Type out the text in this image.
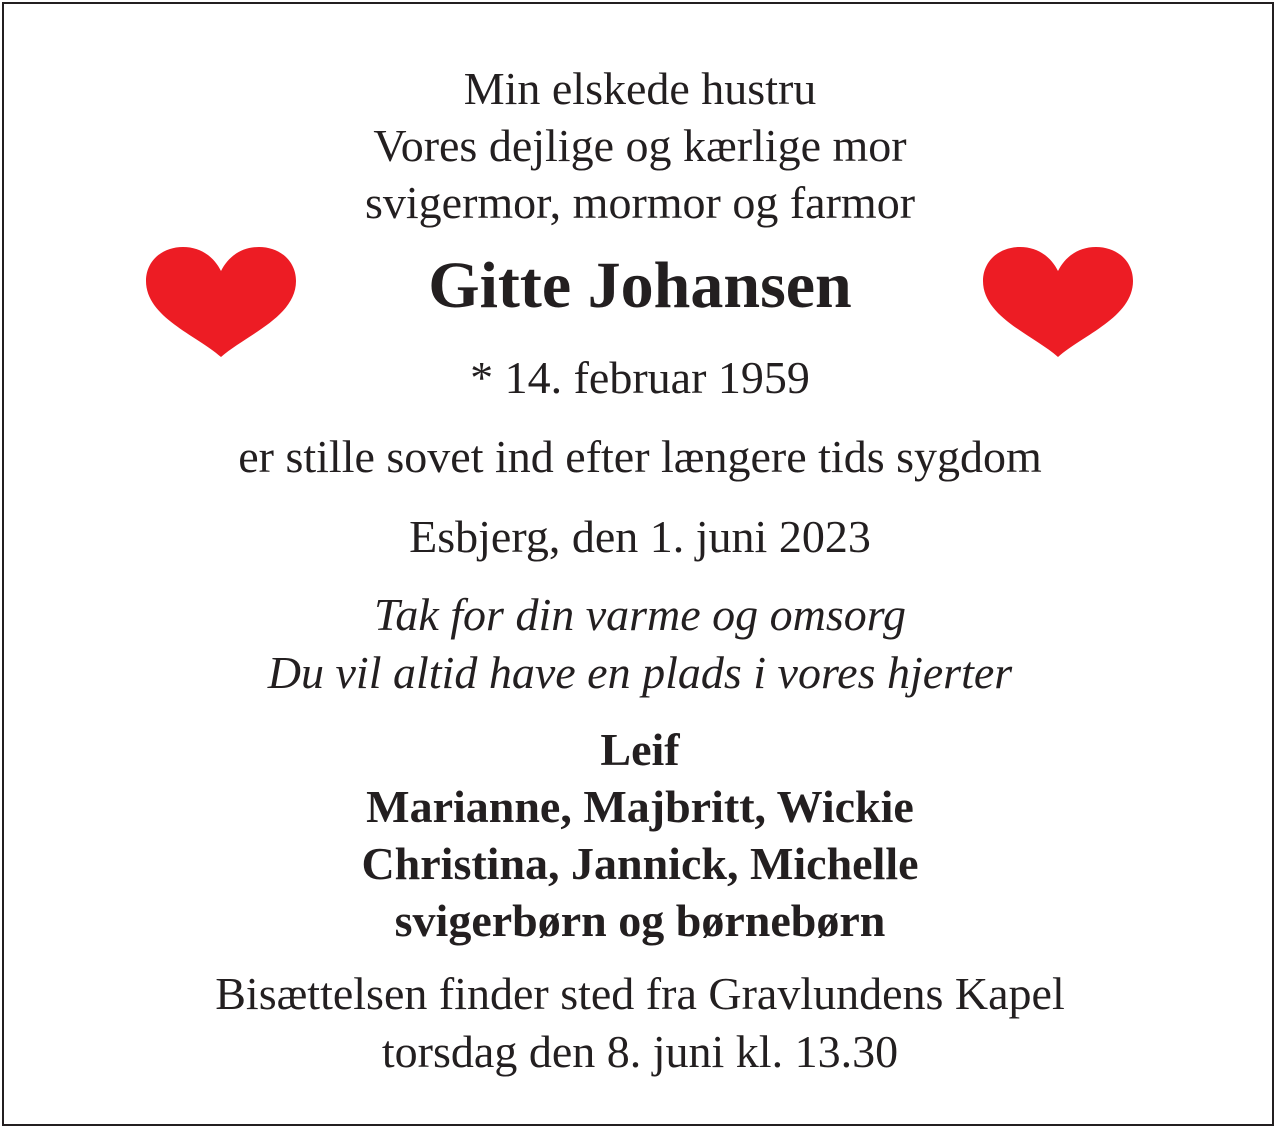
Min elskede hustru
Vores dejlige og kærlige mor
svigermor, mormor og farmor
Gitte Johansen
* 14. februar 1959
er stille sovet ind efter længere tids sygdom
Esbjerg, den 1. juni 2023
Tak for din varme og omsorg
Du vil altid have en plads i vores hjerter
Leif
Marianne, Majbritt, Wickie
Christina, Jannick, Michelle
svigerbørn og børnebørn
Bisættelsen finder sted fra Gravlundens Kapel
torsdag den 8. juni kl. 13.30
